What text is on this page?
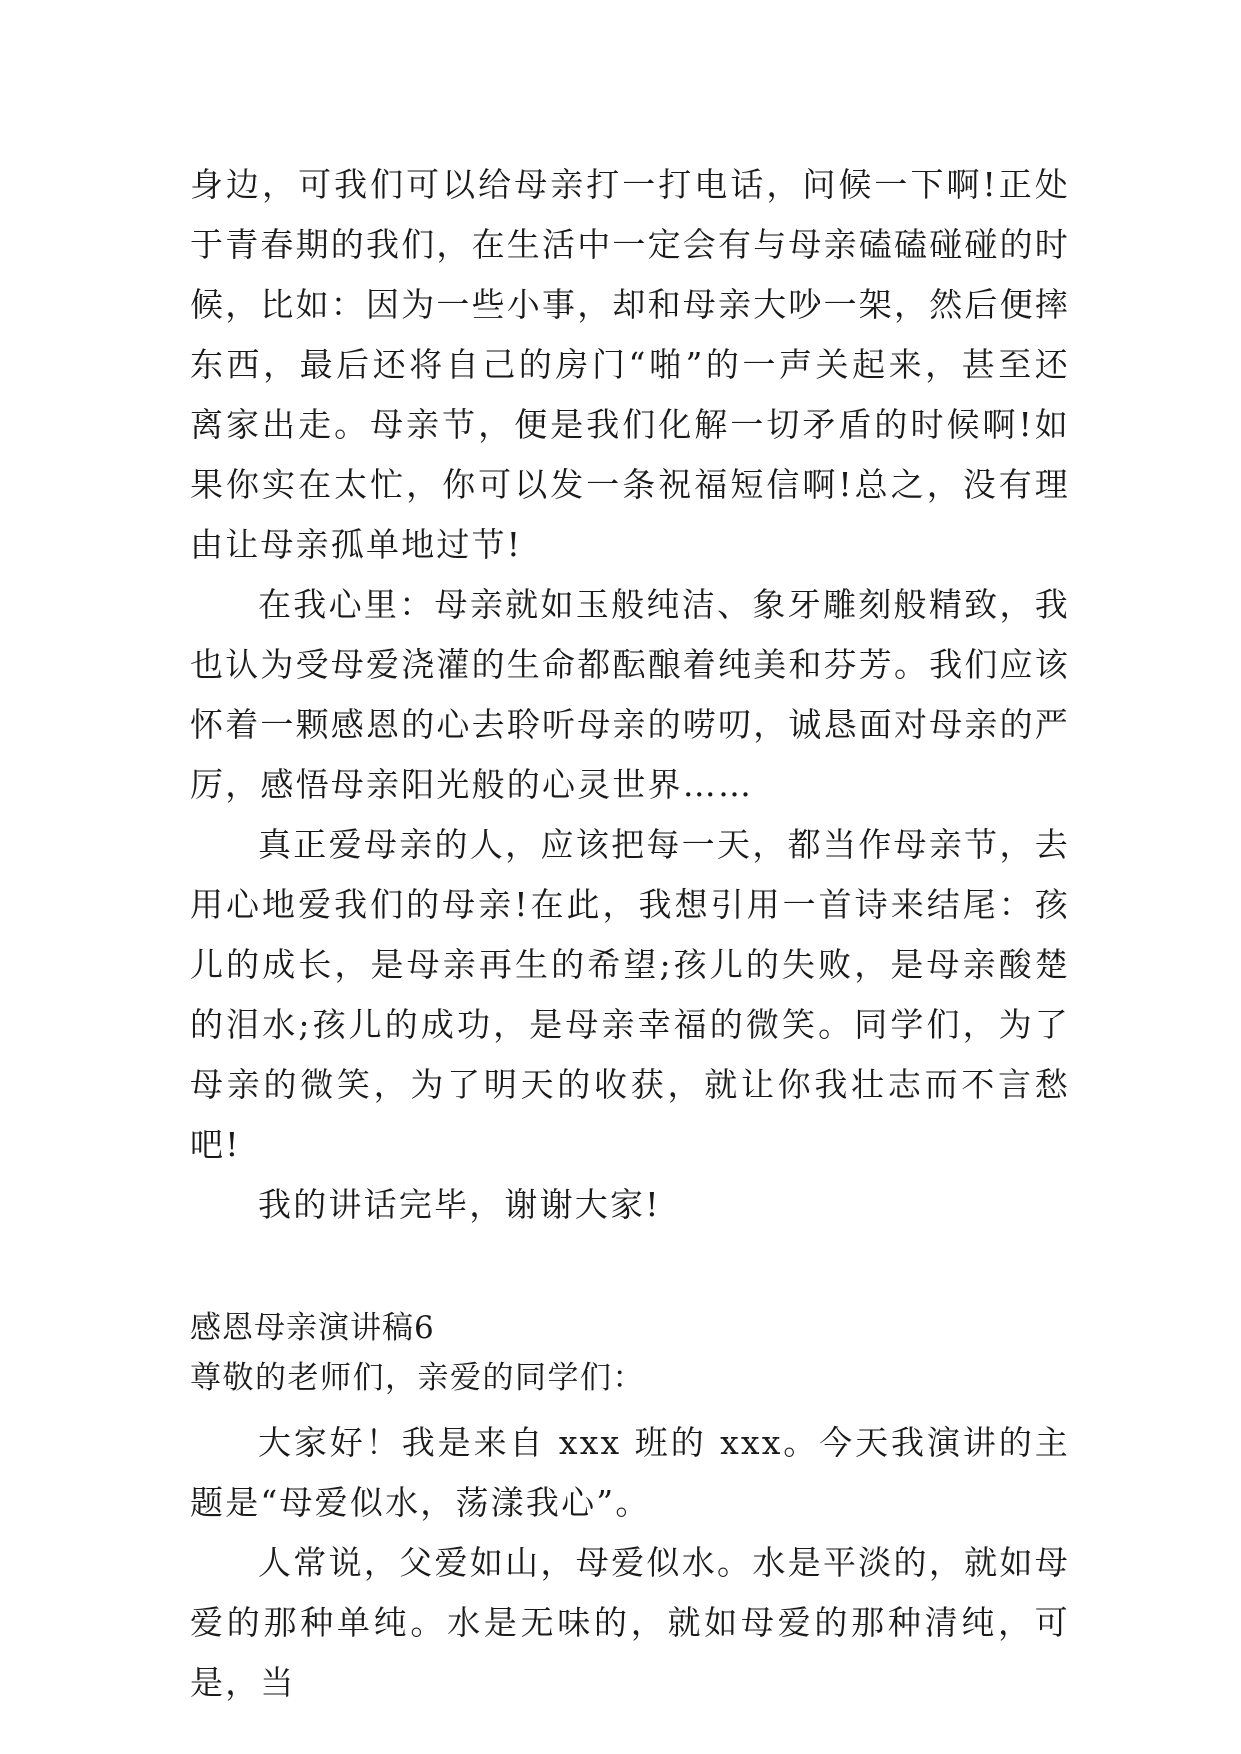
身边，可我们可以给母亲打一打电话，问候一下啊!正处于青春期的我们，在生活中一定会有与母亲磕磕碰碰的时候，比如：因为一些小事，却和母亲大吵一架，然后便摔东西，最后还将自己的房门“啪”的一声关起来，甚至还离家出走。母亲节，便是我们化解一切矛盾的时候啊!如果你实在太忙，你可以发一条祝福短信啊!总之，没有理由让母亲孤单地过节!

在我心里：母亲就如玉般纯洁、象牙雕刻般精致，我也认为受母爱浇灌的生命都酝酿着纯美和芬芳。我们应该怀着一颗感恩的心去聆听母亲的唠叨，诚恳面对母亲的严厉，感悟母亲阳光般的心灵世界……

真正爱母亲的人，应该把每一天，都当作母亲节，去用心地爱我们的母亲!在此，我想引用一首诗来结尾：孩儿的成长，是母亲再生的希望;孩儿的失败，是母亲酸楚的泪水;孩儿的成功，是母亲幸福的微笑。同学们，为了母亲的微笑，为了明天的收获，就让你我壮志而不言愁吧!

我的讲话完毕，谢谢大家!

感恩母亲演讲稿6

尊敬的老师们，亲爱的同学们：

大家好！我是来自 xxx 班的 xxx。今天我演讲的主题是“母爱似水，荡漾我心”。

人常说，父爱如山，母爱似水。水是平淡的，就如母爱的那种单纯。水是无味的，就如母爱的那种清纯，可是，当
